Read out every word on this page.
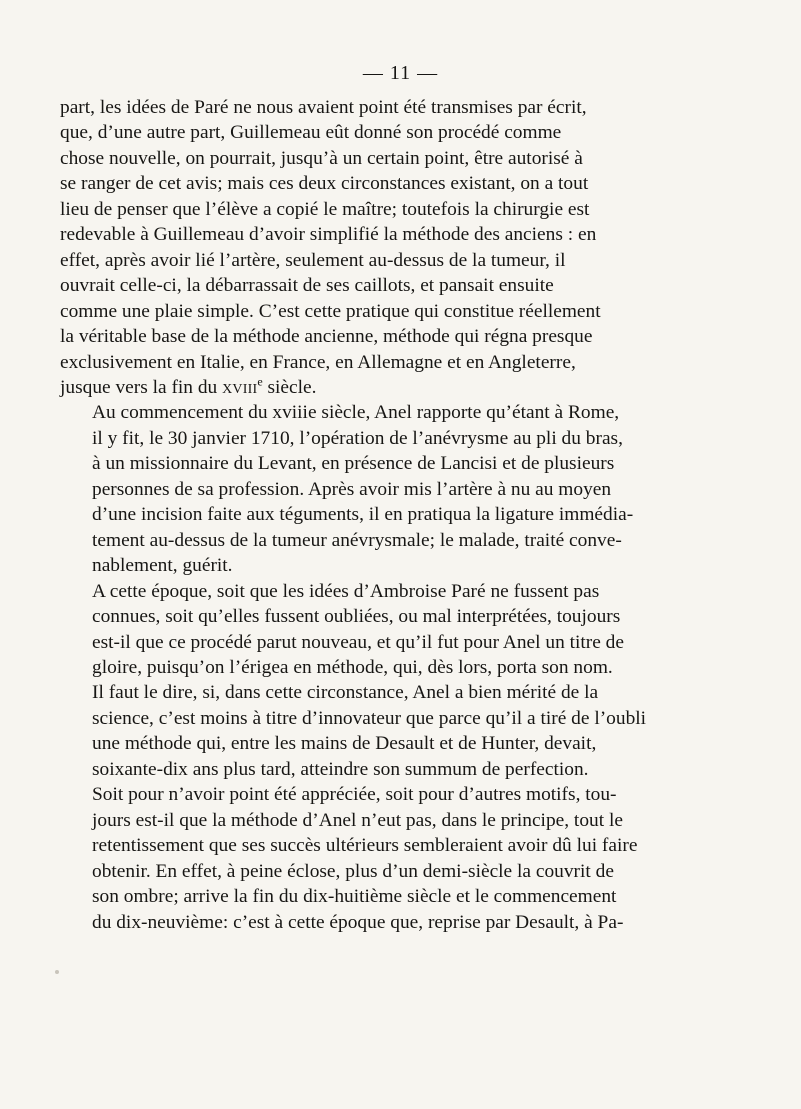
— 11 —

part, les idées de Paré ne nous avaient point été transmises par écrit,
que, d’une autre part, Guillemeau eût donné son procédé comme
chose nouvelle, on pourrait, jusqu’à un certain point, être autorisé à
se ranger de cet avis; mais ces deux circonstances existant, on a tout
lieu de penser que l’élève a copié le maître; toutefois la chirurgie est
redevable à Guillemeau d’avoir simplifié la méthode des anciens : en
effet, après avoir lié l’artère, seulement au-dessus de la tumeur, il
ouvrait celle-ci, la débarrassait de ses caillots, et pansait ensuite
comme une plaie simple. C’est cette pratique qui constitue réellement
la véritable base de la méthode ancienne, méthode qui régna presque
exclusivement en Italie, en France, en Allemagne et en Angleterre,
jusque vers la fin du xviii$^e$ siècle.

Au commencement du xviiie siècle, Anel rapporte qu’étant à Rome,
il y fit, le 30 janvier 1710, l’opération de l’anévrysme au pli du bras,
à un missionnaire du Levant, en présence de Lancisi et de plusieurs
personnes de sa profession. Après avoir mis l’artère à nu au moyen
d’une incision faite aux téguments, il en pratiqua la ligature immédia-
tement au-dessus de la tumeur anévrysmale; le malade, traité conve-
nablement, guérit.

A cette époque, soit que les idées d’Ambroise Paré ne fussent pas
connues, soit qu’elles fussent oubliées, ou mal interprétées, toujours
est-il que ce procédé parut nouveau, et qu’il fut pour Anel un titre de
gloire, puisqu’on l’érigea en méthode, qui, dès lors, porta son nom.
Il faut le dire, si, dans cette circonstance, Anel a bien mérité de la
science, c’est moins à titre d’innovateur que parce qu’il a tiré de l’oubli
une méthode qui, entre les mains de Desault et de Hunter, devait,
soixante-dix ans plus tard, atteindre son summum de perfection.

Soit pour n’avoir point été appréciée, soit pour d’autres motifs, tou-
jours est-il que la méthode d’Anel n’eut pas, dans le principe, tout le
retentissement que ses succès ultérieurs sembleraient avoir dû lui faire
obtenir. En effet, à peine éclose, plus d’un demi-siècle la couvrit de
son ombre; arrive la fin du dix-huitième siècle et le commencement
du dix-neuvième: c’est à cette époque que, reprise par Desault, à Pa-
